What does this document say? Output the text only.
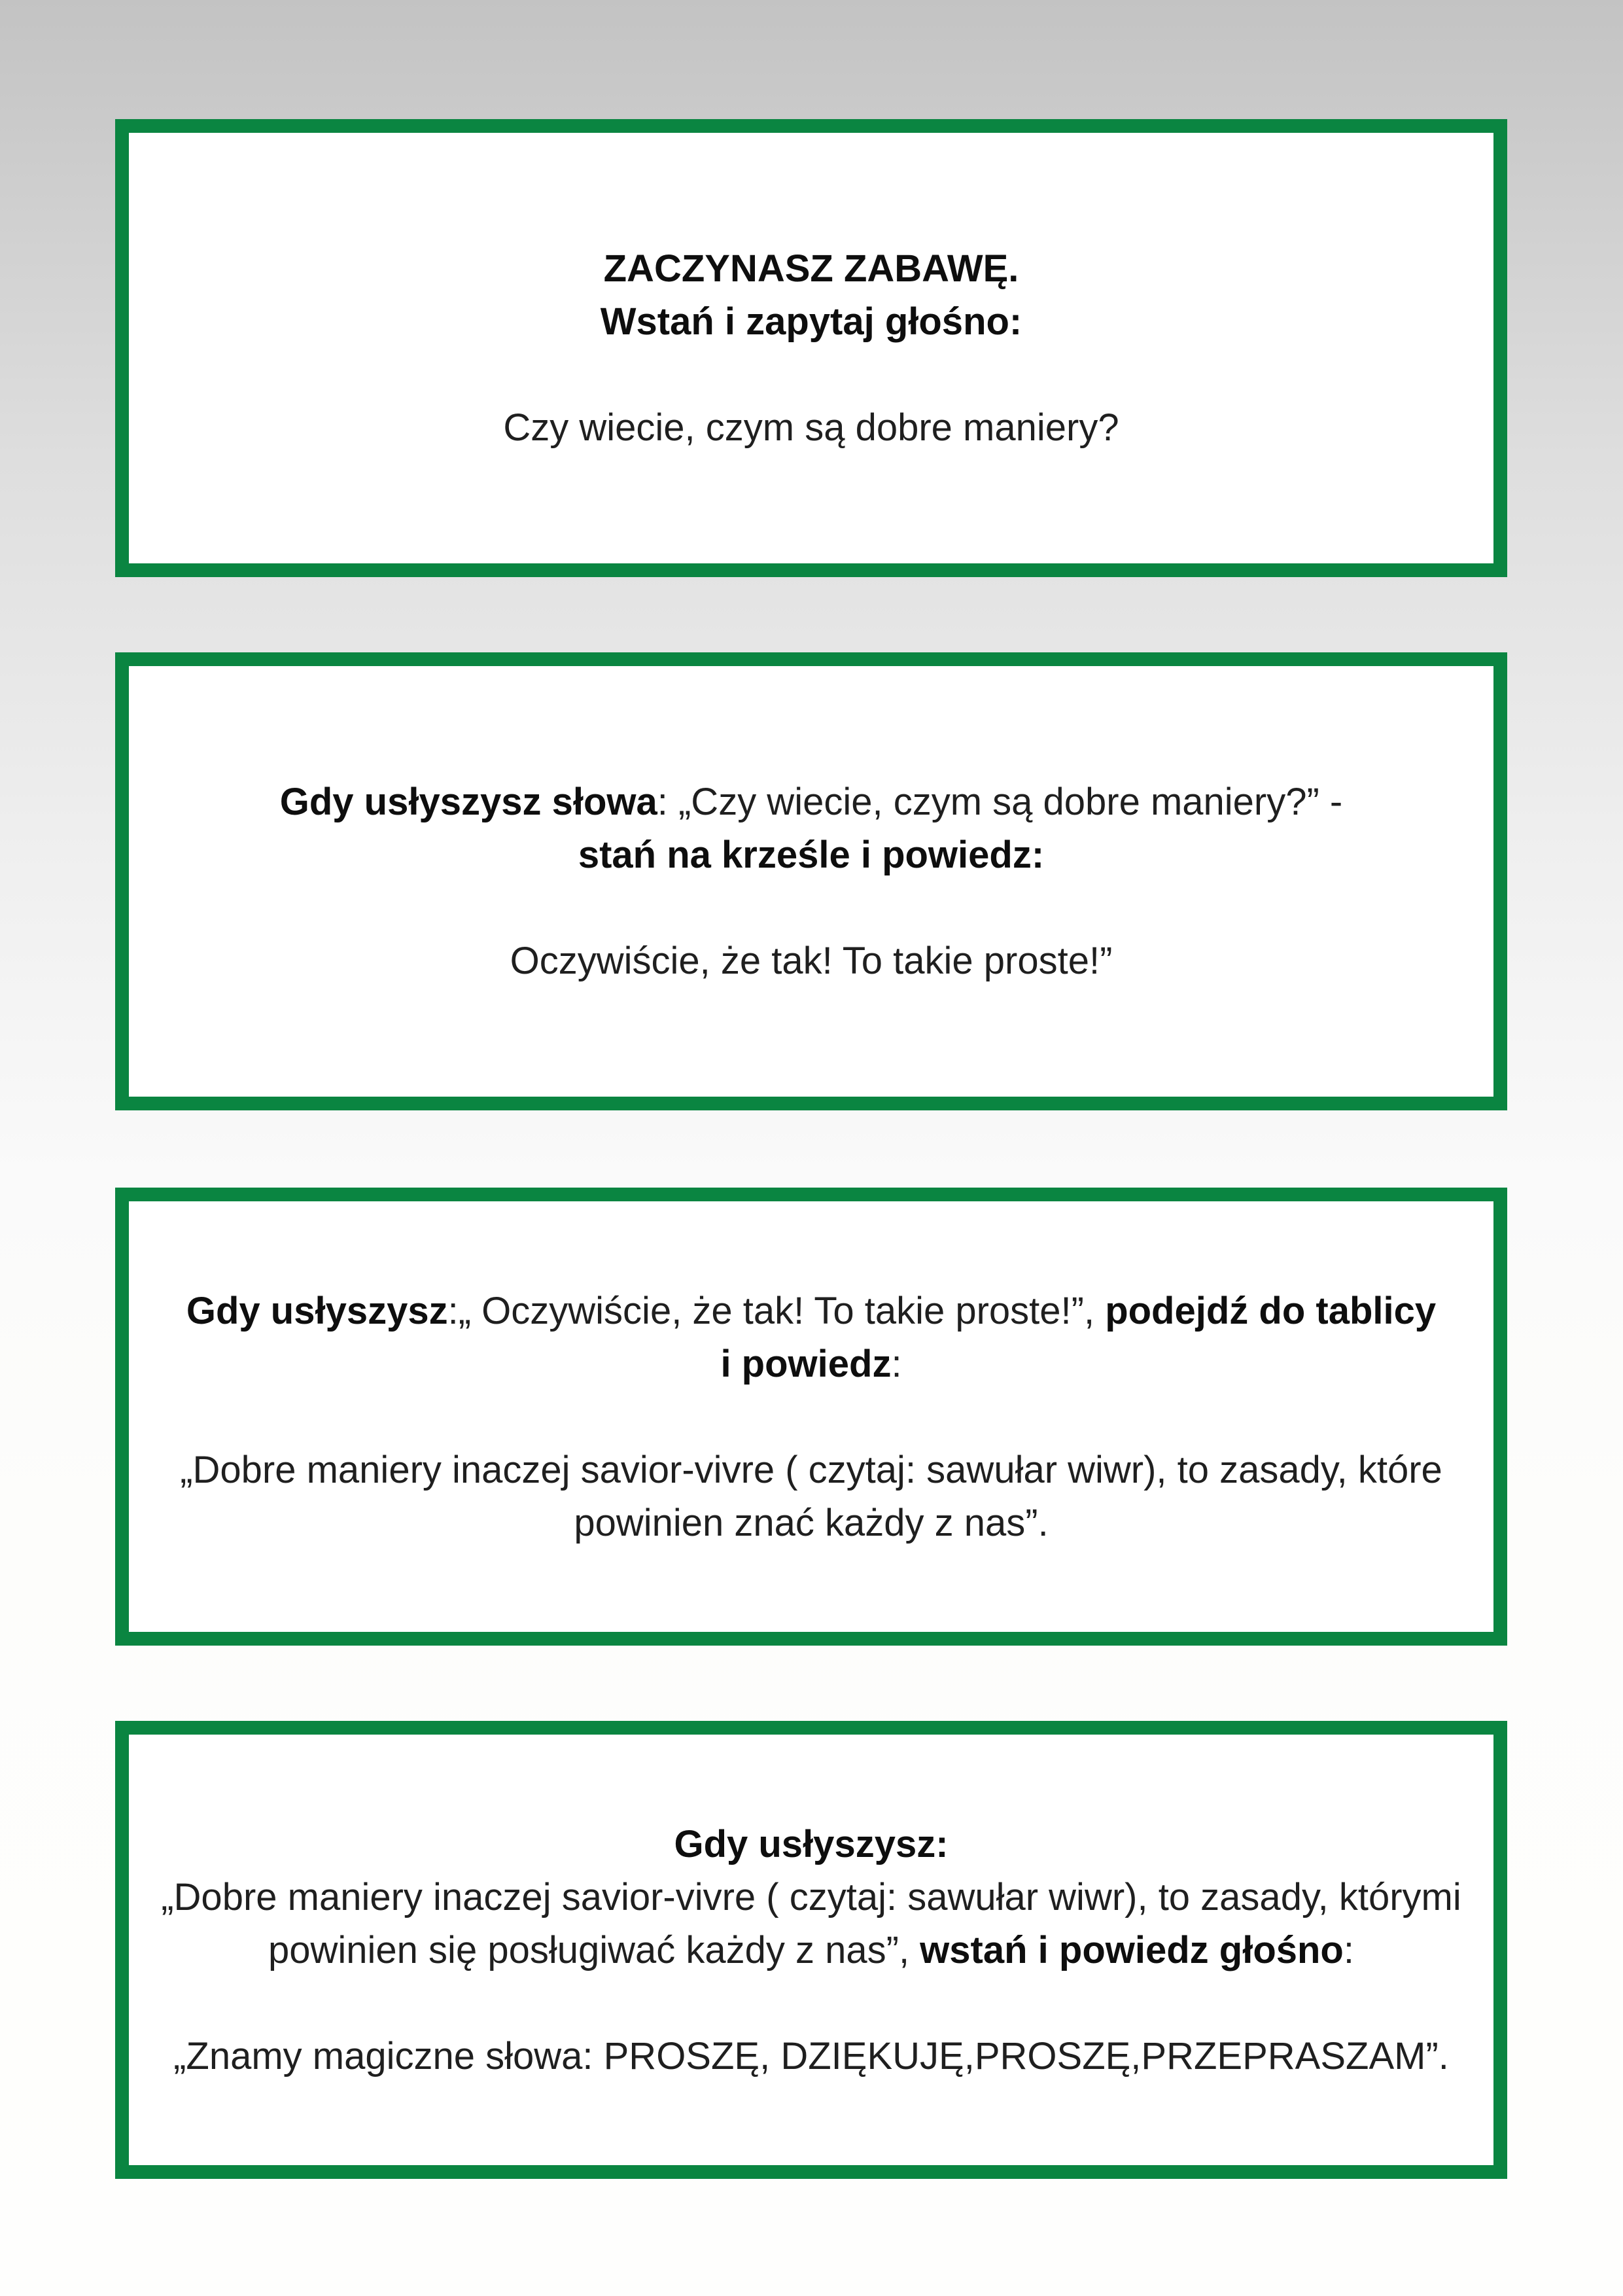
ZACZYNASZ ZABAWĘ.
Wstań i zapytaj głośno:
Czy wiecie, czym są dobre maniery?
Gdy usłyszysz słowa: „Czy wiecie, czym są dobre maniery?” -
stań na krześle i powiedz:
Oczywiście, że tak! To takie proste!”
Gdy usłyszysz:„ Oczywiście, że tak! To takie proste!”, podejdź do tablicy
i powiedz:
„Dobre maniery inaczej savior-vivre ( czytaj: sawułar wiwr), to zasady, które
powinien znać każdy z nas”.
Gdy usłyszysz:
„Dobre maniery inaczej savior-vivre ( czytaj: sawułar wiwr), to zasady, którymi
powinien się posługiwać każdy z nas”, wstań i powiedz głośno:
„Znamy magiczne słowa: PROSZĘ, DZIĘKUJĘ,PROSZĘ,PRZEPRASZAM”.
